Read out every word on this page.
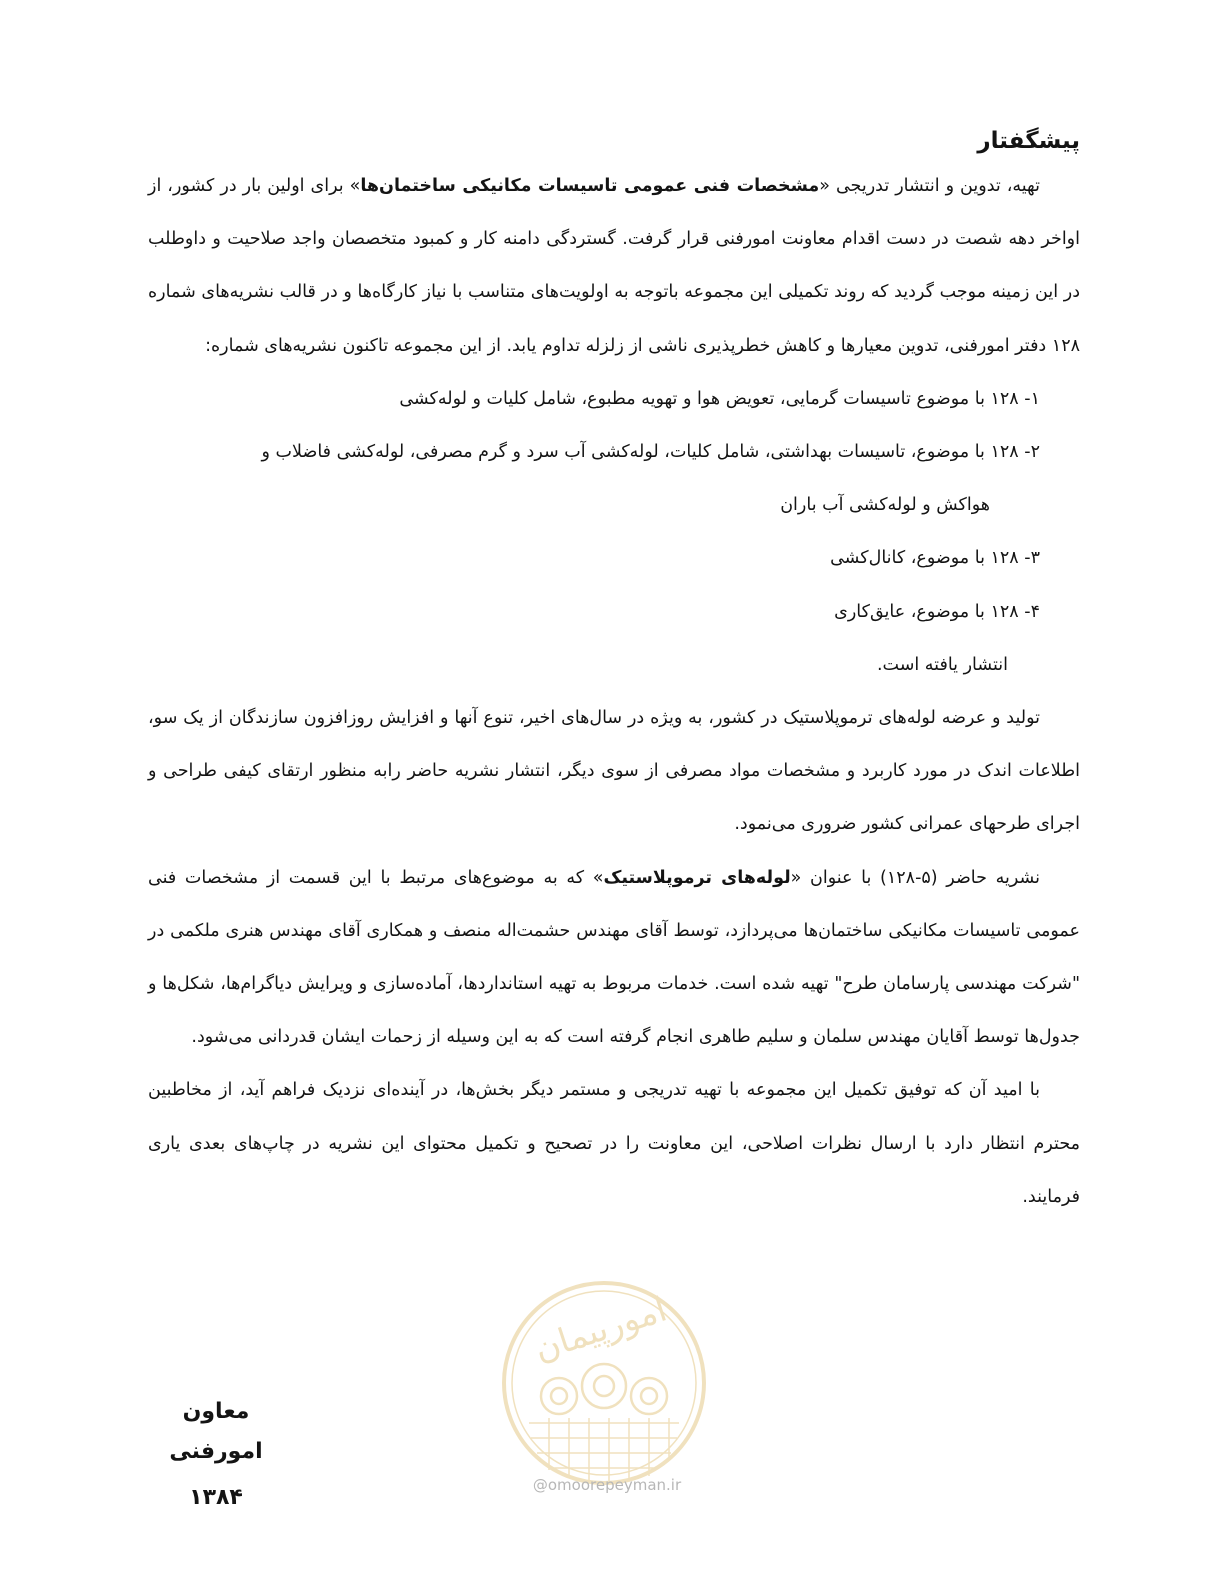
پیشگفتار

تهیه، تدوین و انتشار تدریجی «مشخصات فنی عمومی تاسیسات مکانیکی ساختمان‌ها» برای اولین بار در کشور، از اواخر دهه شصت در دست اقدام معاونت امورفنی قرار گرفت. گستردگی دامنه کار و کمبود متخصصان واجد صلاحیت و داوطلب در این زمینه موجب گردید که روند تکمیلی این مجموعه باتوجه به اولویت‌های متناسب با نیاز کارگاه‌ها و در قالب نشریه‌های شماره ۱۲۸ دفتر امورفنی، تدوین معیارها و کاهش خطرپذیری ناشی از زلزله تداوم یابد. از این مجموعه تاکنون نشریه‌های شماره:

۱- ۱۲۸ با موضوع تاسیسات گرمایی، تعویض هوا و تهویه مطبوع، شامل کلیات و لوله‌کشی

۲- ۱۲۸ با موضوع، تاسیسات بهداشتی، شامل کلیات، لوله‌کشی آب سرد و گرم مصرفی، لوله‌کشی فاضلاب و

هواکش و لوله‌کشی آب باران

۳- ۱۲۸ با موضوع، کانال‌کشی

۴- ۱۲۸ با موضوع، عایق‌کاری

انتشار یافته است.

تولید و عرضه لوله‌های ترموپلاستیک در کشور، به ویژه در سال‌های اخیر، تنوع آنها و افزایش روزافزون سازندگان از یک سو، اطلاعات اندک در مورد کاربرد و مشخصات مواد مصرفی از سوی دیگر، انتشار نشریه حاضر رابه منظور ارتقای کیفی طراحی و اجرای طرحهای عمرانی کشور ضروری می‌نمود.

نشریه حاضر (۵-۱۲۸) با عنوان «لوله‌های ترموپلاستیک» که به موضوع‌های مرتبط با این قسمت از مشخصات فنی عمومی تاسیسات مکانیکی ساختمان‌ها می‌پردازد، توسط آقای مهندس حشمت‌اله منصف و همکاری آقای مهندس هنری ملکمی در "شرکت مهندسی پارسامان طرح" تهیه شده است. خدمات مربوط به تهیه استانداردها، آماده‌سازی و ویرایش دیاگرام‌ها، شکل‌ها و جدول‌ها توسط آقایان مهندس سلمان و سلیم طاهری انجام گرفته است که به این وسیله از زحمات ایشان قدردانی می‌شود.

با امید آن که توفیق تکمیل این مجموعه با تهیه تدریجی و مستمر دیگر بخش‌ها، در آینده‌ای نزدیک فراهم آید، از مخاطبین محترم انتظار دارد با ارسال نظرات اصلاحی، این معاونت را در تصحیح و تکمیل محتوای این نشریه در چاپ‌های بعدی یاری فرمایند.

امورپیمان
@omoorepeyman.ir
معاون امورفنی
۱۳۸۴
